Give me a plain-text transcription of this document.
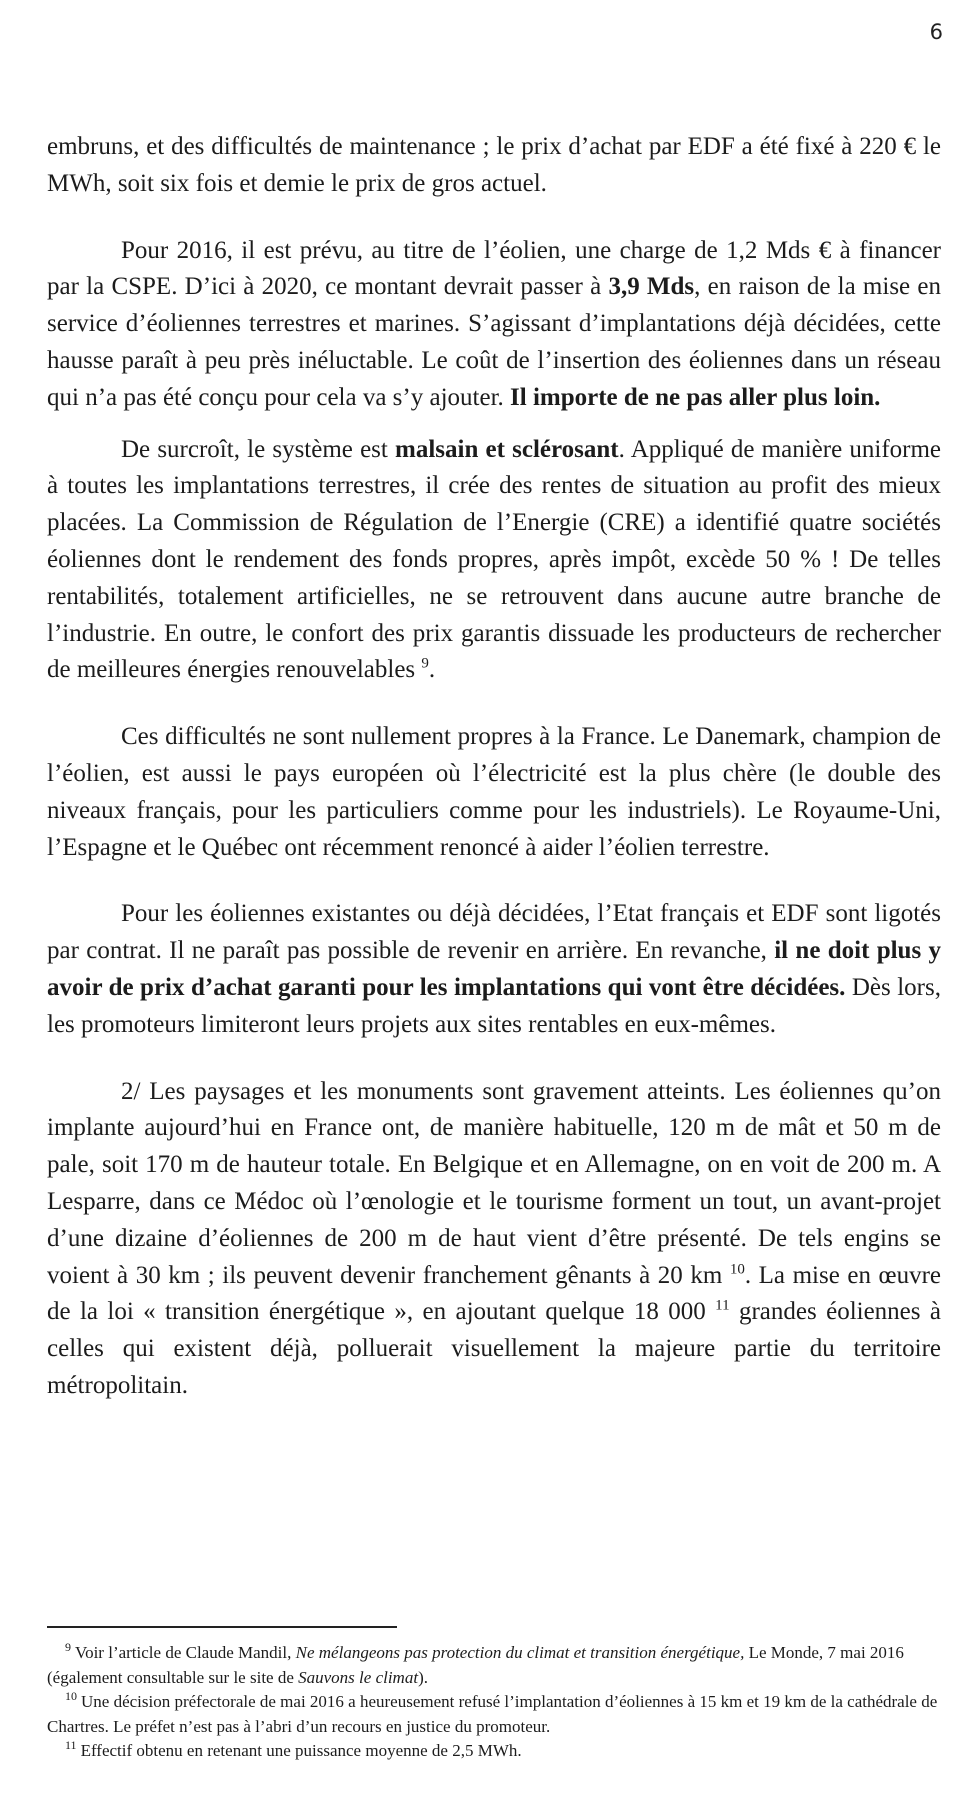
6

embruns, et des difficultés de maintenance ; le prix d’achat par EDF a été fixé à 220 € le MWh, soit six fois et demie le prix de gros actuel.

Pour 2016, il est prévu, au titre de l’éolien, une charge de 1,2 Mds € à financer par la CSPE. D’ici à 2020, ce montant devrait passer à 3,9 Mds, en raison de la mise en service d’éoliennes terrestres et marines. S’agissant d’implantations déjà décidées, cette hausse paraît à peu près inéluctable. Le coût de l’insertion des éoliennes dans un réseau qui n’a pas été conçu pour cela va s’y ajouter. Il importe de ne pas aller plus loin.

De surcroît, le système est malsain et sclérosant. Appliqué de manière uniforme à toutes les implantations terrestres, il crée des rentes de situation au profit des mieux placées. La Commission de Régulation de l’Energie (CRE) a identifié quatre sociétés éoliennes dont le rendement des fonds propres, après impôt, excède 50 % ! De telles rentabilités, totalement artificielles, ne se retrouvent dans aucune autre branche de l’industrie. En outre, le confort des prix garantis dissuade les producteurs de rechercher de meilleures énergies renouvelables $^9$.

Ces difficultés ne sont nullement propres à la France. Le Danemark, champion de l’éolien, est aussi le pays européen où l’électricité est la plus chère (le double des niveaux français, pour les particuliers comme pour les industriels). Le Royaume-Uni, l’Espagne et le Québec ont récemment renoncé à aider l’éolien terrestre.

Pour les éoliennes existantes ou déjà décidées, l’Etat français et EDF sont ligotés par contrat. Il ne paraît pas possible de revenir en arrière. En revanche, il ne doit plus y avoir de prix d’achat garanti pour les implantations qui vont être décidées. Dès lors, les promoteurs limiteront leurs projets aux sites rentables en eux-mêmes.

2/ Les paysages et les monuments sont gravement atteints. Les éoliennes qu’on implante aujourd’hui en France ont, de manière habituelle, 120 m de mât et 50 m de pale, soit 170 m de hauteur totale. En Belgique et en Allemagne, on en voit de 200 m. A Lesparre, dans ce Médoc où l’œnologie et le tourisme forment un tout, un avant-projet d’une dizaine d’éoliennes de 200 m de haut vient d’être présenté. De tels engins se voient à 30 km ; ils peuvent devenir franchement gênants à 20 km $^{10}$. La mise en œuvre de la loi « transition énergétique », en ajoutant quelque 18 000 $^{11}$ grandes éoliennes à celles qui existent déjà, polluerait visuellement la majeure partie du territoire métropolitain.

$^9$ Voir l’article de Claude Mandil, Ne mélangeons pas protection du climat et transition énergétique, Le Monde, 7 mai 2016 (également consultable sur le site de Sauvons le climat).

$^{10}$ Une décision préfectorale de mai 2016 a heureusement refusé l’implantation d’éoliennes à 15 km et 19 km de la cathédrale de Chartres. Le préfet n’est pas à l’abri d’un recours en justice du promoteur.

$^{11}$ Effectif obtenu en retenant une puissance moyenne de 2,5 MWh.
